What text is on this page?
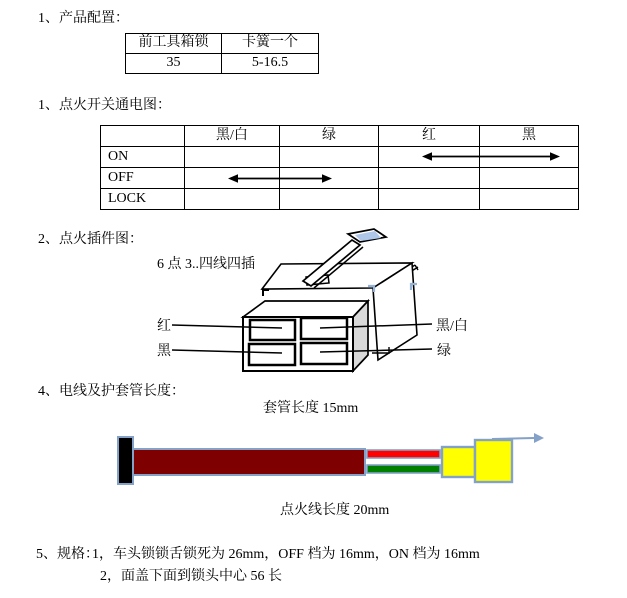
1、产品配置：
前工具箱锁	卡簧一个
35	5-16.5
1、点火开关通电图：
	黑/白	绿	红	黑
ON				
OFF				
LOCK				
2、点火插件图：
红
黑
黑/白
绿
6 点 3..四线四插
4、电线及护套管长度：
套管长度 15mm
点火线长度 20mm
5、规格：
1，车头锁锁舌锁死为 26mm，OFF 档为 16mm，ON 档为 16mm
2，面盖下面到锁头中心 56 长
